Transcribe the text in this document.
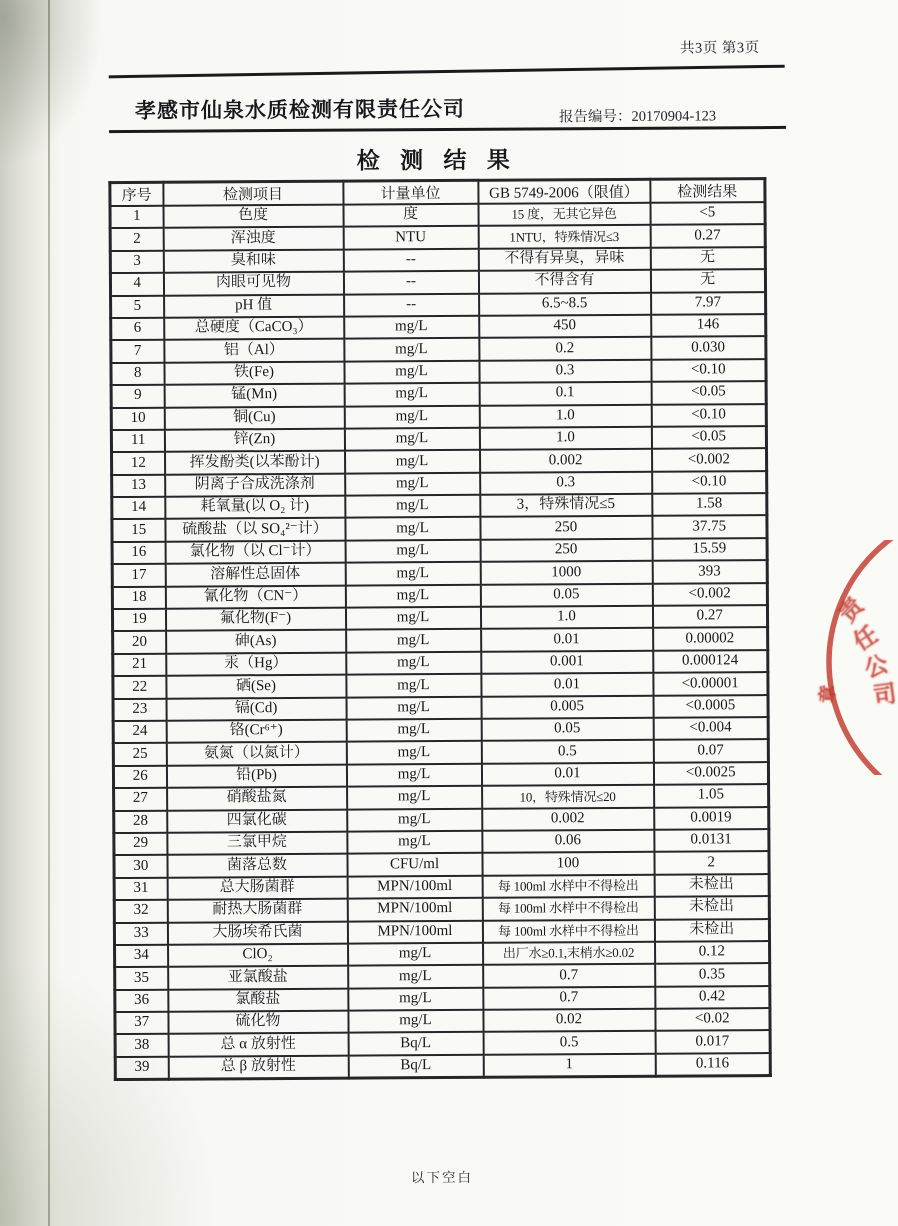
共3页 第3页
孝感市仙泉水质检测有限责任公司	报告编号：20170904-123
检 测 结 果
序号	检测项目	计量单位	GB 5749-2006（限值）	检测结果
1	色度	度	15 度，无其它异色	<5
2	浑浊度	NTU	1NTU，特殊情况≤3	0.27
3	臭和味	--	不得有异臭，异味	无
4	肉眼可见物	--	不得含有	无
5	pH 值	--	6.5~8.5	7.97
6	总硬度（CaCO₃）	mg/L	450	146
7	铝（Al）	mg/L	0.2	0.030
8	铁(Fe)	mg/L	0.3	<0.10
9	锰(Mn)	mg/L	0.1	<0.05
10	铜(Cu)	mg/L	1.0	<0.10
11	锌(Zn)	mg/L	1.0	<0.05
12	挥发酚类(以苯酚计)	mg/L	0.002	<0.002
13	阴离子合成洗涤剂	mg/L	0.3	<0.10
14	耗氧量(以 O₂ 计)	mg/L	3，特殊情况≤5	1.58
15	硫酸盐（以 SO₄²⁻计）	mg/L	250	37.75
16	氯化物（以 Cl⁻计）	mg/L	250	15.59
17	溶解性总固体	mg/L	1000	393
18	氰化物（CN⁻）	mg/L	0.05	<0.002
19	氟化物(F⁻)	mg/L	1.0	0.27
20	砷(As)	mg/L	0.01	0.00002
21	汞（Hg）	mg/L	0.001	0.000124
22	硒(Se)	mg/L	0.01	<0.00001
23	镉(Cd)	mg/L	0.005	<0.0005
24	铬(Cr⁶⁺)	mg/L	0.05	<0.004
25	氨氮（以氮计）	mg/L	0.5	0.07
26	铅(Pb)	mg/L	0.01	<0.0025
27	硝酸盐氮	mg/L	10，特殊情况≤20	1.05
28	四氯化碳	mg/L	0.002	0.0019
29	三氯甲烷	mg/L	0.06	0.0131
30	菌落总数	CFU/ml	100	2
31	总大肠菌群	MPN/100ml	每 100ml 水样中不得检出	未检出
32	耐热大肠菌群	MPN/100ml	每 100ml 水样中不得检出	未检出
33	大肠埃希氏菌	MPN/100ml	每 100ml 水样中不得检出	未检出
34	ClO₂	mg/L	出厂水≥0.1,末梢水≥0.02	0.12
35	亚氯酸盐	mg/L	0.7	0.35
36	氯酸盐	mg/L	0.7	0.42
37	硫化物	mg/L	0.02	<0.02
38	总 α 放射性	Bq/L	0.5	0.017
39	总 β 放射性	Bq/L	1	0.116
以下空白
责
任
公
司
章
